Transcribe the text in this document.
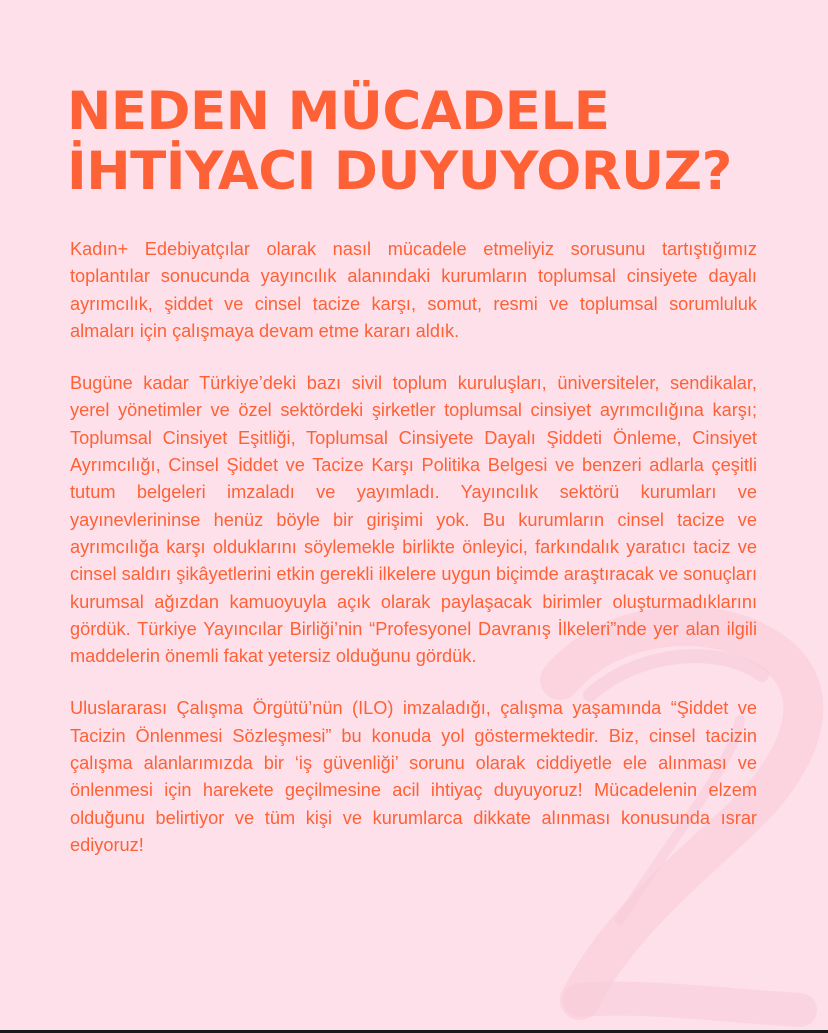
NEDEN MÜCADELE
İHTİYACI DUYUYORUZ?

Kadın+ Edebiyatçılar olarak nasıl mücadele etmeliyiz sorusunu tartıştığımız toplantılar sonucunda yayıncılık alanındaki kurumların toplumsal cinsiyete dayalı ayrımcılık, şiddet ve cinsel tacize karşı, somut, resmi ve toplumsal sorumluluk almaları için çalışmaya devam etme kararı aldık.

Bugüne kadar Türkiye’deki bazı sivil toplum kuruluşları, üniversiteler, sendikalar, yerel yönetimler ve özel sektördeki şirketler toplumsal cinsiyet ayrımcılığına karşı; Toplumsal Cinsiyet Eşitliği, Toplumsal Cinsiyete Dayalı Şiddeti Önleme, Cinsiyet Ayrımcılığı, Cinsel Şiddet ve Tacize Karşı Politika Belgesi ve benzeri adlarla çeşitli tutum belgeleri imzaladı ve yayımladı. Yayıncılık sektörü kurumları ve yayınevlerininse henüz böyle bir girişimi yok. Bu kurumların cinsel tacize ve ayrımcılığa karşı olduklarını söylemekle birlikte önleyici, farkındalık yaratıcı taciz ve cinsel saldırı şikâyetlerini etkin gerekli ilkelere uygun biçimde araştıracak ve sonuçları kurumsal ağızdan kamuoyuyla açık olarak paylaşacak birimler oluşturmadıklarını gördük. Türkiye Yayıncılar Birliği’nin “Profesyonel Davranış İlkeleri”nde yer alan ilgili maddelerin önemli fakat yetersiz olduğunu gördük.

Uluslararası Çalışma Örgütü’nün (ILO) imzaladığı, çalışma yaşamında “Şiddet ve Tacizin Önlenmesi Sözleşmesi” bu konuda yol göstermektedir. Biz, cinsel tacizin çalışma alanlarımızda bir ‘iş güvenliği’ sorunu olarak ciddiyetle ele alınması ve önlenmesi için harekete geçilmesine acil ihtiyaç duyuyoruz! Mücadelenin elzem olduğunu belirtiyor ve tüm kişi ve kurumlarca dikkate alınması konusunda ısrar ediyoruz!
